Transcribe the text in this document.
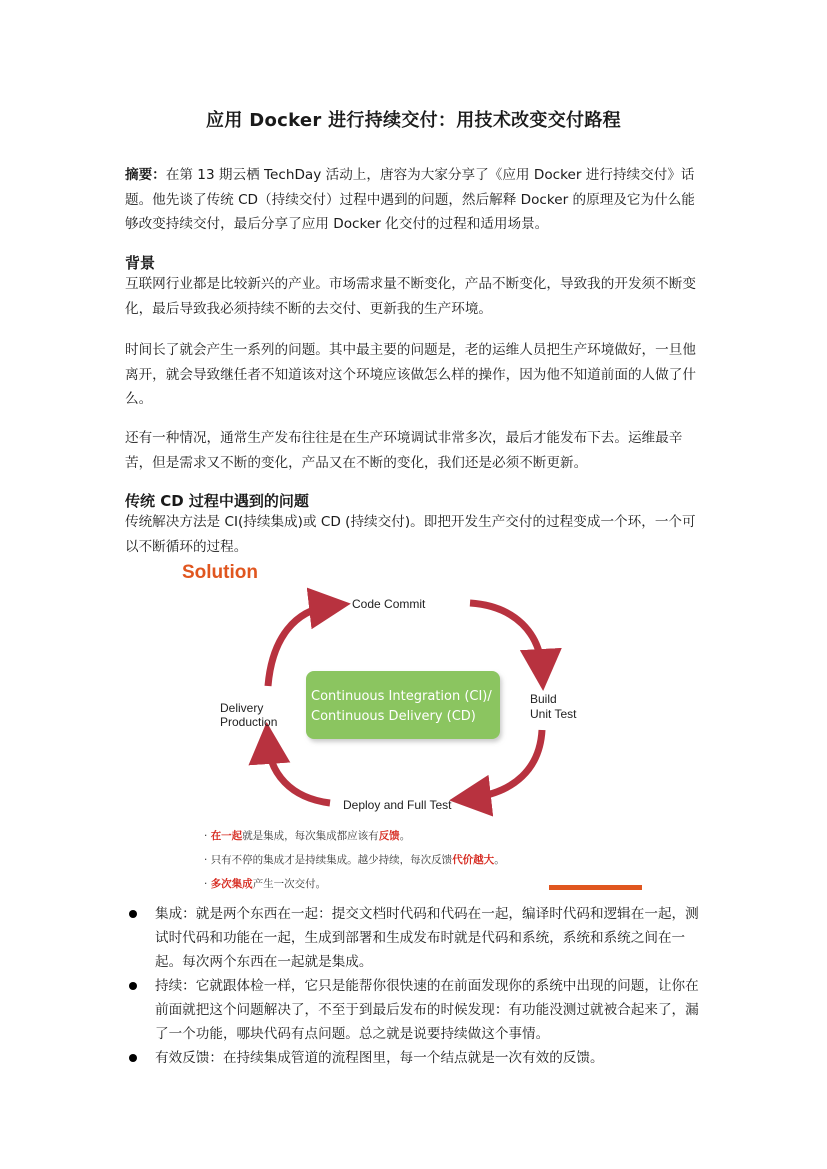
应用 Docker 进行持续交付：用技术改变交付路程

摘要：在第 13 期云栖 TechDay 活动上，唐容为大家分享了《应用 Docker 进行持续交付》话题。他先谈了传统 CD（持续交付）过程中遇到的问题，然后解释 Docker 的原理及它为什么能够改变持续交付，最后分享了应用 Docker 化交付的过程和适用场景。

背景

互联网行业都是比较新兴的产业。市场需求量不断变化，产品不断变化，导致我的开发须不断变化，最后导致我必须持续不断的去交付、更新我的生产环境。

时间长了就会产生一系列的问题。其中最主要的问题是，老的运维人员把生产环境做好，一旦他离开，就会导致继任者不知道该对这个环境应该做怎么样的操作，因为他不知道前面的人做了什么。

还有一种情况，通常生产发布往往是在生产环境调试非常多次，最后才能发布下去。运维最辛苦，但是需求又不断的变化，产品又在不断的变化，我们还是必须不断更新。

传统 CD 过程中遇到的问题

传统解决方法是 CI(持续集成)或 CD (持续交付)。即把开发生产交付的过程变成一个环，一个可以不断循环的过程。

Solution
Continuous Integration (CI)/
Continuous Delivery (CD)
Code Commit
Build
Unit Test
Deploy and Full Test
Delivery
Production
· 在一起就是集成，每次集成都应该有反馈。
· 只有不停的集成才是持续集成。越少持续，每次反馈代价越大。
· 多次集成产生一次交付。
集成：就是两个东西在一起：提交文档时代码和代码在一起，编译时代码和逻辑在一起，测试时代码和功能在一起，生成到部署和生成发布时就是代码和系统，系统和系统之间在一起。每次两个东西在一起就是集成。
持续：它就跟体检一样，它只是能帮你很快速的在前面发现你的系统中出现的问题，让你在前面就把这个问题解决了，不至于到最后发布的时候发现：有功能没测过就被合起来了，漏了一个功能，哪块代码有点问题。总之就是说要持续做这个事情。
有效反馈：在持续集成管道的流程图里，每一个结点就是一次有效的反馈。
